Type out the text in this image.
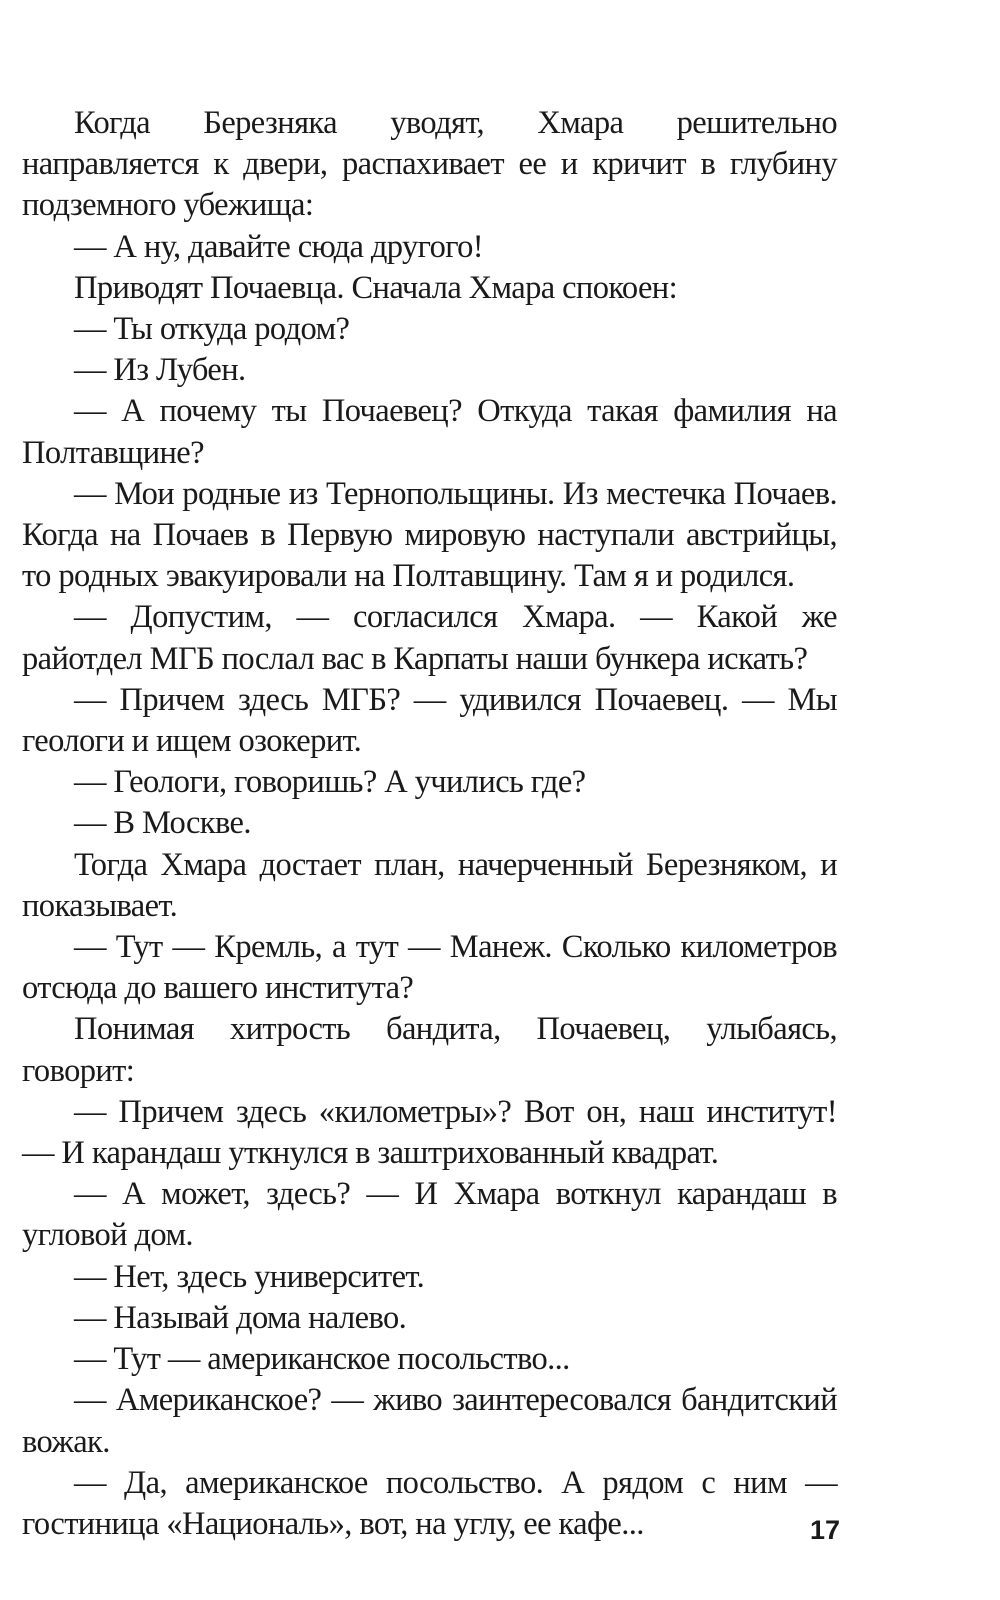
Когда Березняка уводят, Хмара решительно направляется к двери, распахивает ее и кричит в глубину подземного убежища:

— А ну, давайте сюда другого!

Приводят Почаевца. Сначала Хмара спокоен:

— Ты откуда родом?

— Из Лубен.

— А почему ты Почаевец? Откуда такая фамилия на Полтавщине?

— Мои родные из Тернопольщины. Из местечка Почаев. Когда на Почаев в Первую мировую наступали австрийцы, то родных эвакуировали на Полтавщину. Там я и родился.

— Допустим, — согласился Хмара. — Какой же райотдел МГБ послал вас в Карпаты наши бункера искать?

— Причем здесь МГБ? — удивился Почаевец. — Мы геологи и ищем озокерит.

— Геологи, говоришь? А учились где?

— В Москве.

Тогда Хмара достает план, начерченный Березняком, и показывает.

— Тут — Кремль, а тут — Манеж. Сколько километров отсюда до вашего института?

Понимая хитрость бандита, Почаевец, улыбаясь, говорит:

— Причем здесь «километры»? Вот он, наш институт! — И карандаш уткнулся в заштрихованный квадрат.

— А может, здесь? — И Хмара воткнул карандаш в угловой дом.

— Нет, здесь университет.

— Называй дома налево.

— Тут — американское посольство...

— Американское? — живо заинтересовался бандитский вожак.

— Да, американское посольство. А рядом с ним — гостиница «Националь», вот, на углу, ее кафе...	17
